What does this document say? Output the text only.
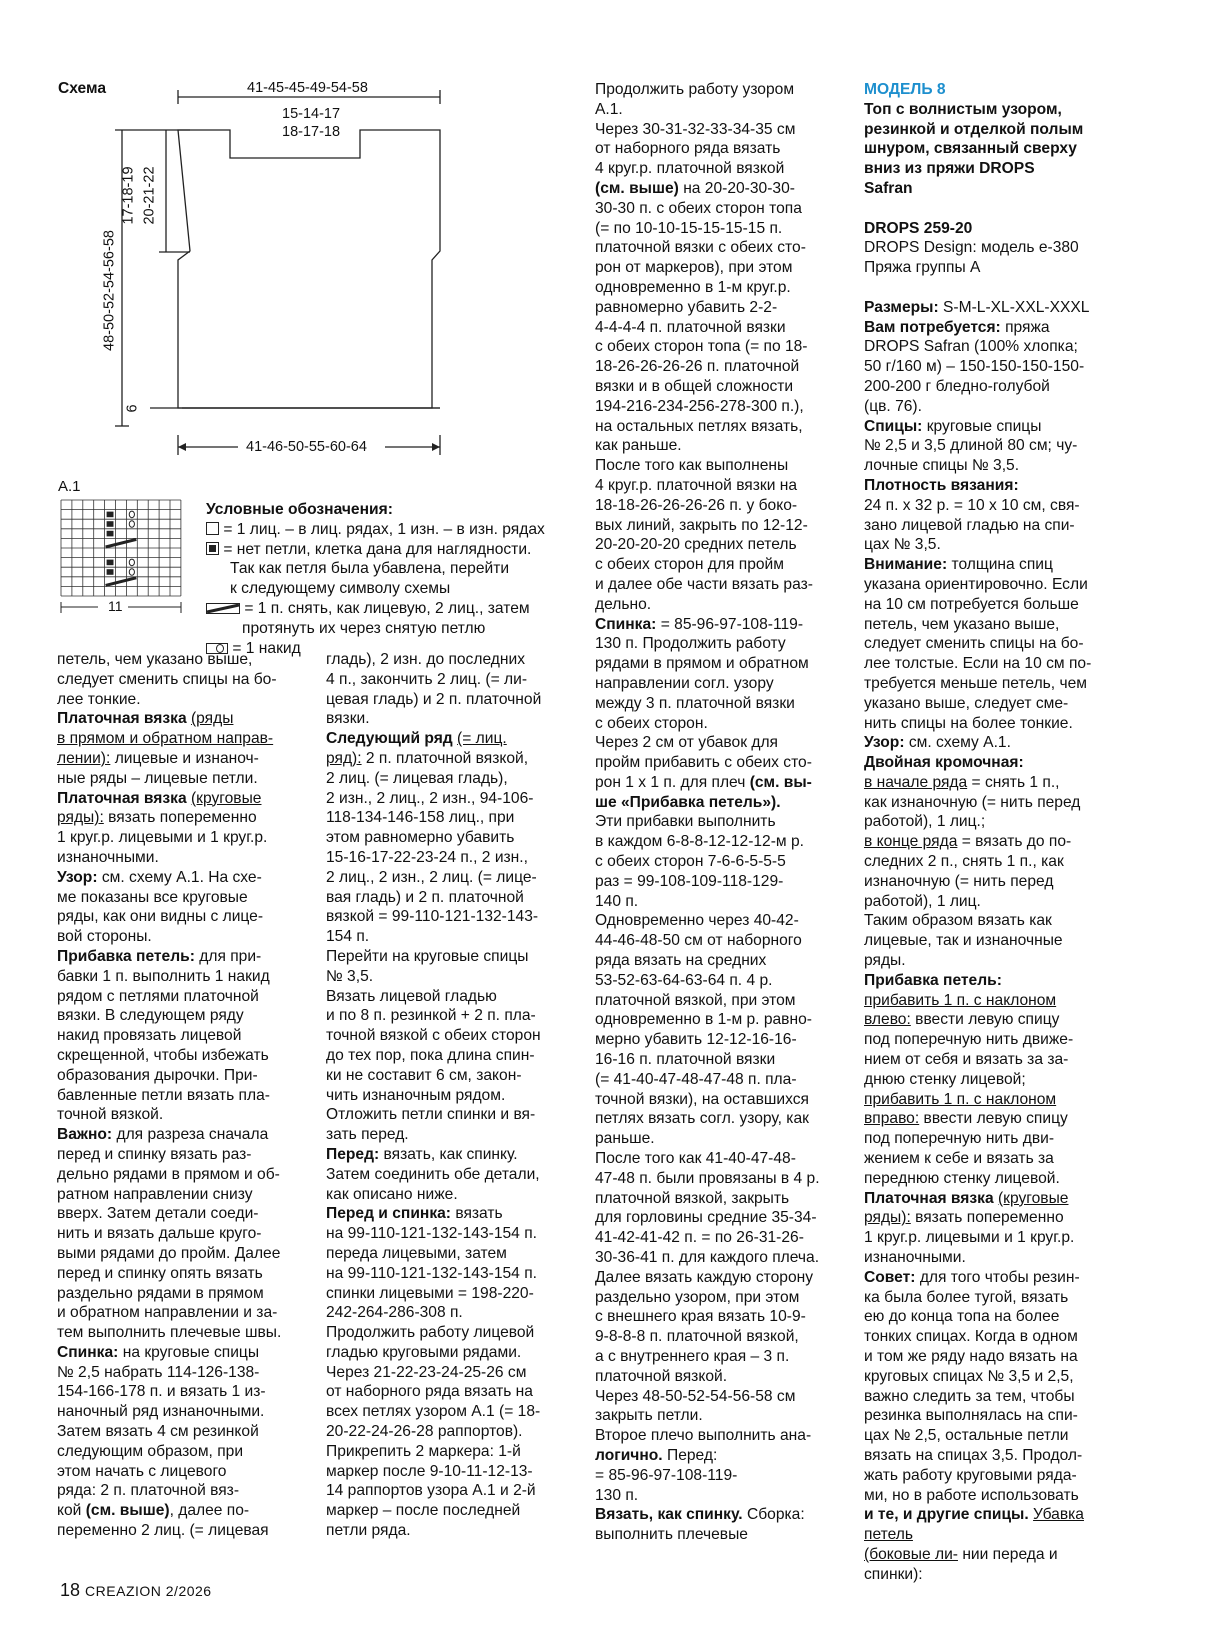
Схема	41-45-45-49-54-58
15-14-17
18-17-18
41-46-50-55-60-64
17-18-19 20-21-22
48-50-52-54-56-58
6
A.1
11

Условные обозначения:

= 1 лиц. – в лиц. рядах, 1 изн. – в изн. рядах

= нет петли, клетка дана для наглядности.

Так как петля была убавлена, перейти

к следующему символу схемы

= 1 п. снять, как лицевую, 2 лиц., затем

протянуть их через снятую петлю

= 1 накид

петель, чем указано выше,

следует сменить спицы на бо-

лее тонкие.

Платочная вязка (ряды

в прямом и обратном направ-

лении): лицевые и изнаноч-

ные ряды – лицевые петли.

Платочная вязка (круговые

ряды): вязать попеременно

1 круг.р. лицевыми и 1 круг.р.

изнаночными.

Узор: см. схему А.1. На схе-

ме показаны все круговые

ряды, как они видны с лице-

вой стороны.

Прибавка петель: для при-

бавки 1 п. выполнить 1 накид

рядом с петлями платочной

вязки. В следующем ряду

накид провязать лицевой

скрещенной, чтобы избежать

образования дырочки. При-

бавленные петли вязать пла-

точной вязкой.

Важно: для разреза сначала

перед и спинку вязать раз-

дельно рядами в прямом и об-

ратном направлении снизу

вверх. Затем детали соеди-

нить и вязать дальше круго-

выми рядами до пройм. Далее

перед и спинку опять вязать

раздельно рядами в прямом

и обратном направлении и за-

тем выполнить плечевые швы.

Спинка: на круговые спицы

№ 2,5 набрать 114-126-138-

154-166-178 п. и вязать 1 из-

наночный ряд изнаночными.

Затем вязать 4 см резинкой

следующим образом, при

этом начать с лицевого

ряда: 2 п. платочной вяз-

кой (см. выше), далее по-

переменно 2 лиц. (= лицевая

гладь), 2 изн. до последних

4 п., закончить 2 лиц. (= ли-

цевая гладь) и 2 п. платочной

вязки.

Следующий ряд (= лиц.

ряд): 2 п. платочной вязкой,

2 лиц. (= лицевая гладь),

2 изн., 2 лиц., 2 изн., 94-106-

118-134-146-158 лиц., при

этом равномерно убавить

15-16-17-22-23-24 п., 2 изн.,

2 лиц., 2 изн., 2 лиц. (= лице-

вая гладь) и 2 п. платочной

вязкой = 99-110-121-132-143-

154 п.

Перейти на круговые спицы

№ 3,5.

Вязать лицевой гладью

и по 8 п. резинкой + 2 п. пла-

точной вязкой с обеих сторон

до тех пор, пока длина спин-

ки не составит 6 см, закон-

чить изнаночным рядом.

Отложить петли спинки и вя-

зать перед.

Перед: вязать, как спинку.

Затем соединить обе детали,

как описано ниже.

Перед и спинка: вязать

на 99-110-121-132-143-154 п.

переда лицевыми, затем

на 99-110-121-132-143-154 п.

спинки лицевыми = 198-220-

242-264-286-308 п.

Продолжить работу лицевой

гладью круговыми рядами.

Через 21-22-23-24-25-26 см

от наборного ряда вязать на

всех петлях узором А.1 (= 18-

20-22-24-26-28 раппортов).

Прикрепить 2 маркера: 1-й

маркер после 9-10-11-12-13-

14 раппортов узора А.1 и 2-й

маркер – после последней

петли ряда.

Продолжить работу узором

А.1.

Через 30-31-32-33-34-35 см

от наборного ряда вязать

4 круг.р. платочной вязкой

(см. выше) на 20-20-30-30-

30-30 п. с обеих сторон топа

(= по 10-10-15-15-15-15 п.

платочной вязки с обеих сто-

рон от маркеров), при этом

одновременно в 1-м круг.р.

равномерно убавить 2-2-

4-4-4-4 п. платочной вязки

с обеих сторон топа (= по 18-

18-26-26-26-26 п. платочной

вязки и в общей сложности

194-216-234-256-278-300 п.),

на остальных петлях вязать,

как раньше.

После того как выполнены

4 круг.р. платочной вязки на

18-18-26-26-26-26 п. у боко-

вых линий, закрыть по 12-12-

20-20-20-20 средних петель

с обеих сторон для пройм

и далее обе части вязать раз-

дельно.

Спинка: = 85-96-97-108-119-

130 п. Продолжить работу

рядами в прямом и обратном

направлении согл. узору

между 3 п. платочной вязки

с обеих сторон.

Через 2 см от убавок для

пройм прибавить с обеих сто-

рон 1 х 1 п. для плеч (см. вы-

ше «Прибавка петель»).

Эти прибавки выполнить

в каждом 6-8-8-12-12-12-м р.

с обеих сторон 7-6-6-5-5-5

раз = 99-108-109-118-129-

140 п.

Одновременно через 40-42-

44-46-48-50 см от наборного

ряда вязать на средних

53-52-63-64-63-64 п. 4 р.

платочной вязкой, при этом

одновременно в 1-м р. равно-

мерно убавить 12-12-16-16-

16-16 п. платочной вязки

(= 41-40-47-48-47-48 п. пла-

точной вязки), на оставшихся

петлях вязать согл. узору, как

раньше.

После того как 41-40-47-48-

47-48 п. были провязаны в 4 р.

платочной вязкой, закрыть

для горловины средние 35-34-

41-42-41-42 п. = по 26-31-26-

30-36-41 п. для каждого плеча.

Далее вязать каждую сторону

раздельно узором, при этом

с внешнего края вязать 10-9-

9-8-8-8 п. платочной вязкой,

а с внутреннего края – 3 п.

платочной вязкой.

Через 48-50-52-54-56-58 см

закрыть петли.

Второе плечо выполнить ана-

логично. Перед:

= 85-96-97-108-119-

130 п.

Вязать, как спинку. Сборка:

выполнить плечевые

МОДЕЛЬ 8

Топ с волнистым узором,

резинкой и отделкой полым

шнуром, связанный сверху

вниз из пряжи DROPS

Safran

DROPS 259-20

DROPS Design: модель e-380

Пряжа группы А

Размеры: S-M-L-XL-XXL-XXXL

Вам потребуется: пряжа

DROPS Safran (100% хлопка;

50 г/160 м) – 150-150-150-150-

200-200 г бледно-голубой

(цв. 76).

Спицы: круговые спицы

№ 2,5 и 3,5 длиной 80 см; чу-

лочные спицы № 3,5.

Плотность вязания:

24 п. х 32 р. = 10 х 10 см, свя-

зано лицевой гладью на спи-

цах № 3,5.

Внимание: толщина спиц

указана ориентировочно. Если

на 10 см потребуется больше

петель, чем указано выше,

следует сменить спицы на бо-

лее толстые. Если на 10 см по-

требуется меньше петель, чем

указано выше, следует сме-

нить спицы на более тонкие.

Узор: см. схему А.1.

Двойная кромочная:

в начале ряда = снять 1 п.,

как изнаночную (= нить перед

работой), 1 лиц.;

в конце ряда = вязать до по-

следних 2 п., снять 1 п., как

изнаночную (= нить перед

работой), 1 лиц.

Таким образом вязать как

лицевые, так и изнаночные

ряды.

Прибавка петель:

прибавить 1 п. с наклоном

влево: ввести левую спицу

под поперечную нить движе-

нием от себя и вязать за за-

днюю стенку лицевой;

прибавить 1 п. с наклоном

вправо: ввести левую спицу

под поперечную нить дви-

жением к себе и вязать за

переднюю стенку лицевой.

Платочная вязка (круговые

ряды): вязать попеременно

1 круг.р. лицевыми и 1 круг.р.

изнаночными.

Совет: для того чтобы резин-

ка была более тугой, вязать

ею до конца топа на более

тонких спицах. Когда в одном

и том же ряду надо вязать на

круговых спицах № 3,5 и 2,5,

важно следить за тем, чтобы

резинка выполнялась на спи-

цах № 2,5, остальные петли

вязать на спицах 3,5. Продол-

жать работу круговыми ряда-

ми, но в работе использовать

и те, и другие спицы. Убавка петель

(боковые ли- нии переда и спинки):

18 CREAZION 2/2026
